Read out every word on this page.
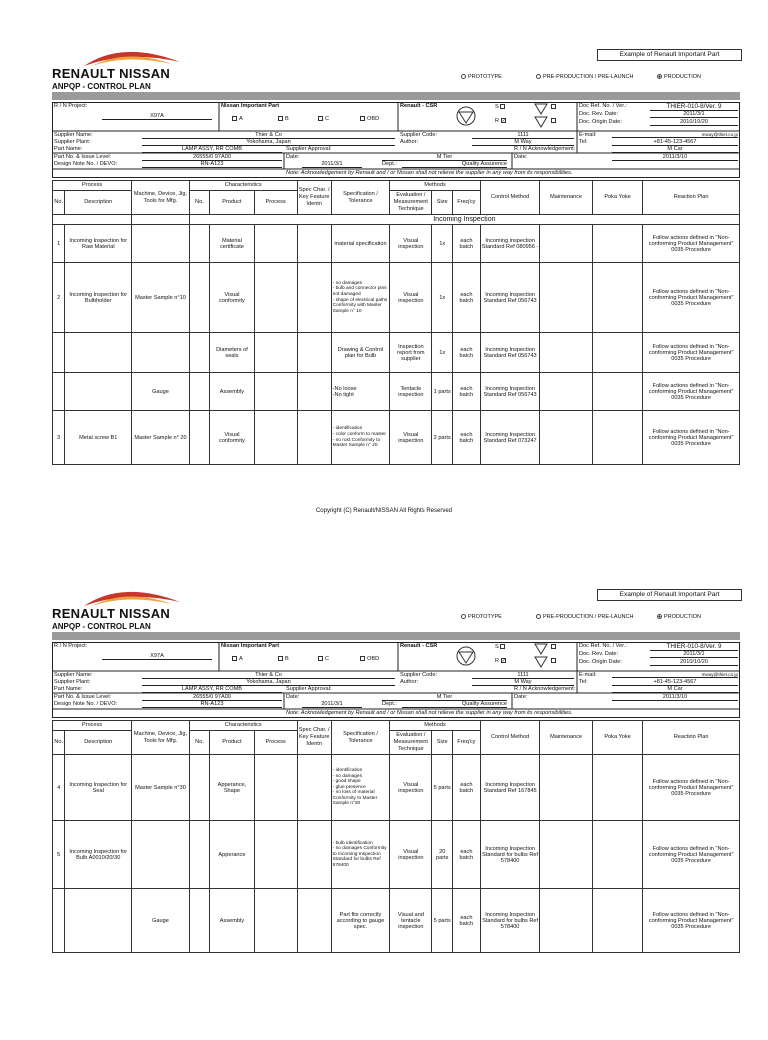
RENAULT NISSAN
ANPQP - CONTROL PLAN
Example of Renault Important Part
PROTOTYPE	PRE-PRODUCTION / PRE-LAUNCH	PRODUCTION
R / N Project:
X97A
Nissan Important Part
A	B	C	OBD
Renault - CSR	S
R ✓
Doc Ref. No. / Ver.:	THIER-010-8/Ver. 9
Doc. Rev. Date:	2011/3/1
Doc. Origin Date:	2010/10/20
Supplier Name:	Thier & Co
Supplier Plant:	Yokohama, Japan
Part Name:	LAMP ASSY, RR COMB
Supplier Code:	1111
Author:	M Way
E-mail:	mway@thier.co.jp
Tel:	+81-45-123-4567
R / N Acknowledgement:	M Car
Part No. & Issue Level:	26555/0 97A00
Design Note No. / DEVO:	RN-A123
Supplier Approval:
M Tier
Date:
2011/3/1	Dept.:	Quality Assurence
Date:	2011/3/10
Note: Acknowledgement by Renault and / or Nissan shall not relieve the supplier in any way from its responsibilities.
Process		Machine, Device, Jig, Tools for Mfg.	Characteristics			Spec Char. / Key Feature Identn	Specification / Tolerance	Methods			Control Method	Maintenance	Poka Yoke	Reaction Plan
No.	Description		No.	Product	Process			Evaluation / Measurement Technique	Size	Freq'cy				
			Incoming Inspection											
1	Incoming Inspection for Raw Material			Material certificate			material specification	Visual inspection	1x	each batch	Incoming inspection Standard Ref 080956 -			Follow actions defined in "Non-conforming Product Management" 0035 Procedure
2	Incoming Inspection for Bulbholder	Master Sample n°10		Visual conformity			- no damages
- bulb and connector pins not damaged
- shape of electrical paths Conformity with Master Sample n° 10	Visual inspection	1x	each batch	Incoming Inspection Standard Ref 056743			Follow actions defined in "Non-conforming Product Management" 0035 Procedure
				Diameters of seals			Drawing & Control plan for Bulb	Inspection report from supplier	1x	each batch	Incoming Inspection Standard Ref 056743			Follow actions defined in "Non-conforming Product Management" 0035 Procedure
		Gauge		Assembly			-No loose
-No tight	Tentacle inspection	1 parts	each batch	Incoming Inspection Standard Ref 056743			Follow actions defined in "Non-conforming Product Management" 0035 Procedure
3	Metal screw B1	Master Sample n° 20		Visual conformity			- identification
- color conform to master
- no rust Conformity to Master Sample n° 20	Visual inspection	2 parts	each batch	Incoming Inspection Standard Ref 073247			Follow actions defined in "Non-conforming Product Management" 0035 Procedure
RENAULT NISSAN
ANPQP - CONTROL PLAN
Example of Renault Important Part
PROTOTYPE	PRE-PRODUCTION / PRE-LAUNCH	PRODUCTION
R / N Project:
X97A
Nissan Important Part
A	B	C	OBD
Renault - CSR	S
R ✓
Doc Ref. No. / Ver.:	THIER-010-8/Ver. 9
Doc. Rev. Date:	2011/3/1
Doc. Origin Date:	2010/10/20
Supplier Name:	Thier & Co
Supplier Plant:	Yokohama, Japan
Part Name:	LAMP ASSY, RR COMB
Supplier Code:	1111
Author:	M Way
E-mail:	mway@thier.co.jp
Tel:	+81-45-123-4567
R / N Acknowledgement:	M Car
Part No. & Issue Level:	26555/0 97A00
Design Note No. / DEVO:	RN-A123
Supplier Approval:
M Tier
Date:
2011/3/1	Dept.:	Quality Assurence
Date:	2011/3/10
Note: Acknowledgement by Renault and / or Nissan shall not relieve the supplier in any way from its responsibilities.
Process		Machine, Device, Jig, Tools for Mfg.	Characteristics			Spec Char. / Key Feature Identn	Specification / Tolerance	Methods			Control Method	Maintenance	Poka Yoke	Reaction Plan
No.	Description		No.	Product	Process			Evaluation / Measurement Technique	Size	Freq'cy				
4	Incoming Inspection for Seal	Master Sample n°30		Apperance, Shape			- identification
- no damages
- good shape
- glue presence
- no loss of material Conformity to Master Sample n°30	Visual inspection	5 parts	each batch	Incoming Inspection Standard Ref 167845			Follow actions defined in "Non-conforming Product Management" 0035 Procedure
5	Incoming Inspection for Bulb A0010/20/30			Apperance			- bulb identification
- no damages Conformity to Incoming Inspection Standard for bulbs Ref 578400	Visual inspection	20 parts	each batch	Incoming Inspection Standard for bulbs Ref 578400			Follow actions defined in "Non-conforming Product Management" 0035 Procedure
		Gauge		Assembly			Part fits correctly according to gauge spec.	Visual and tentacle inspection	5 parts	each batch	Incoming Inspection Standard for bulbs Ref 578400			Follow actions defined in "Non-conforming Product Management" 0035 Procedure
Copyright (C) Renault/NISSAN All Rights Reserved
